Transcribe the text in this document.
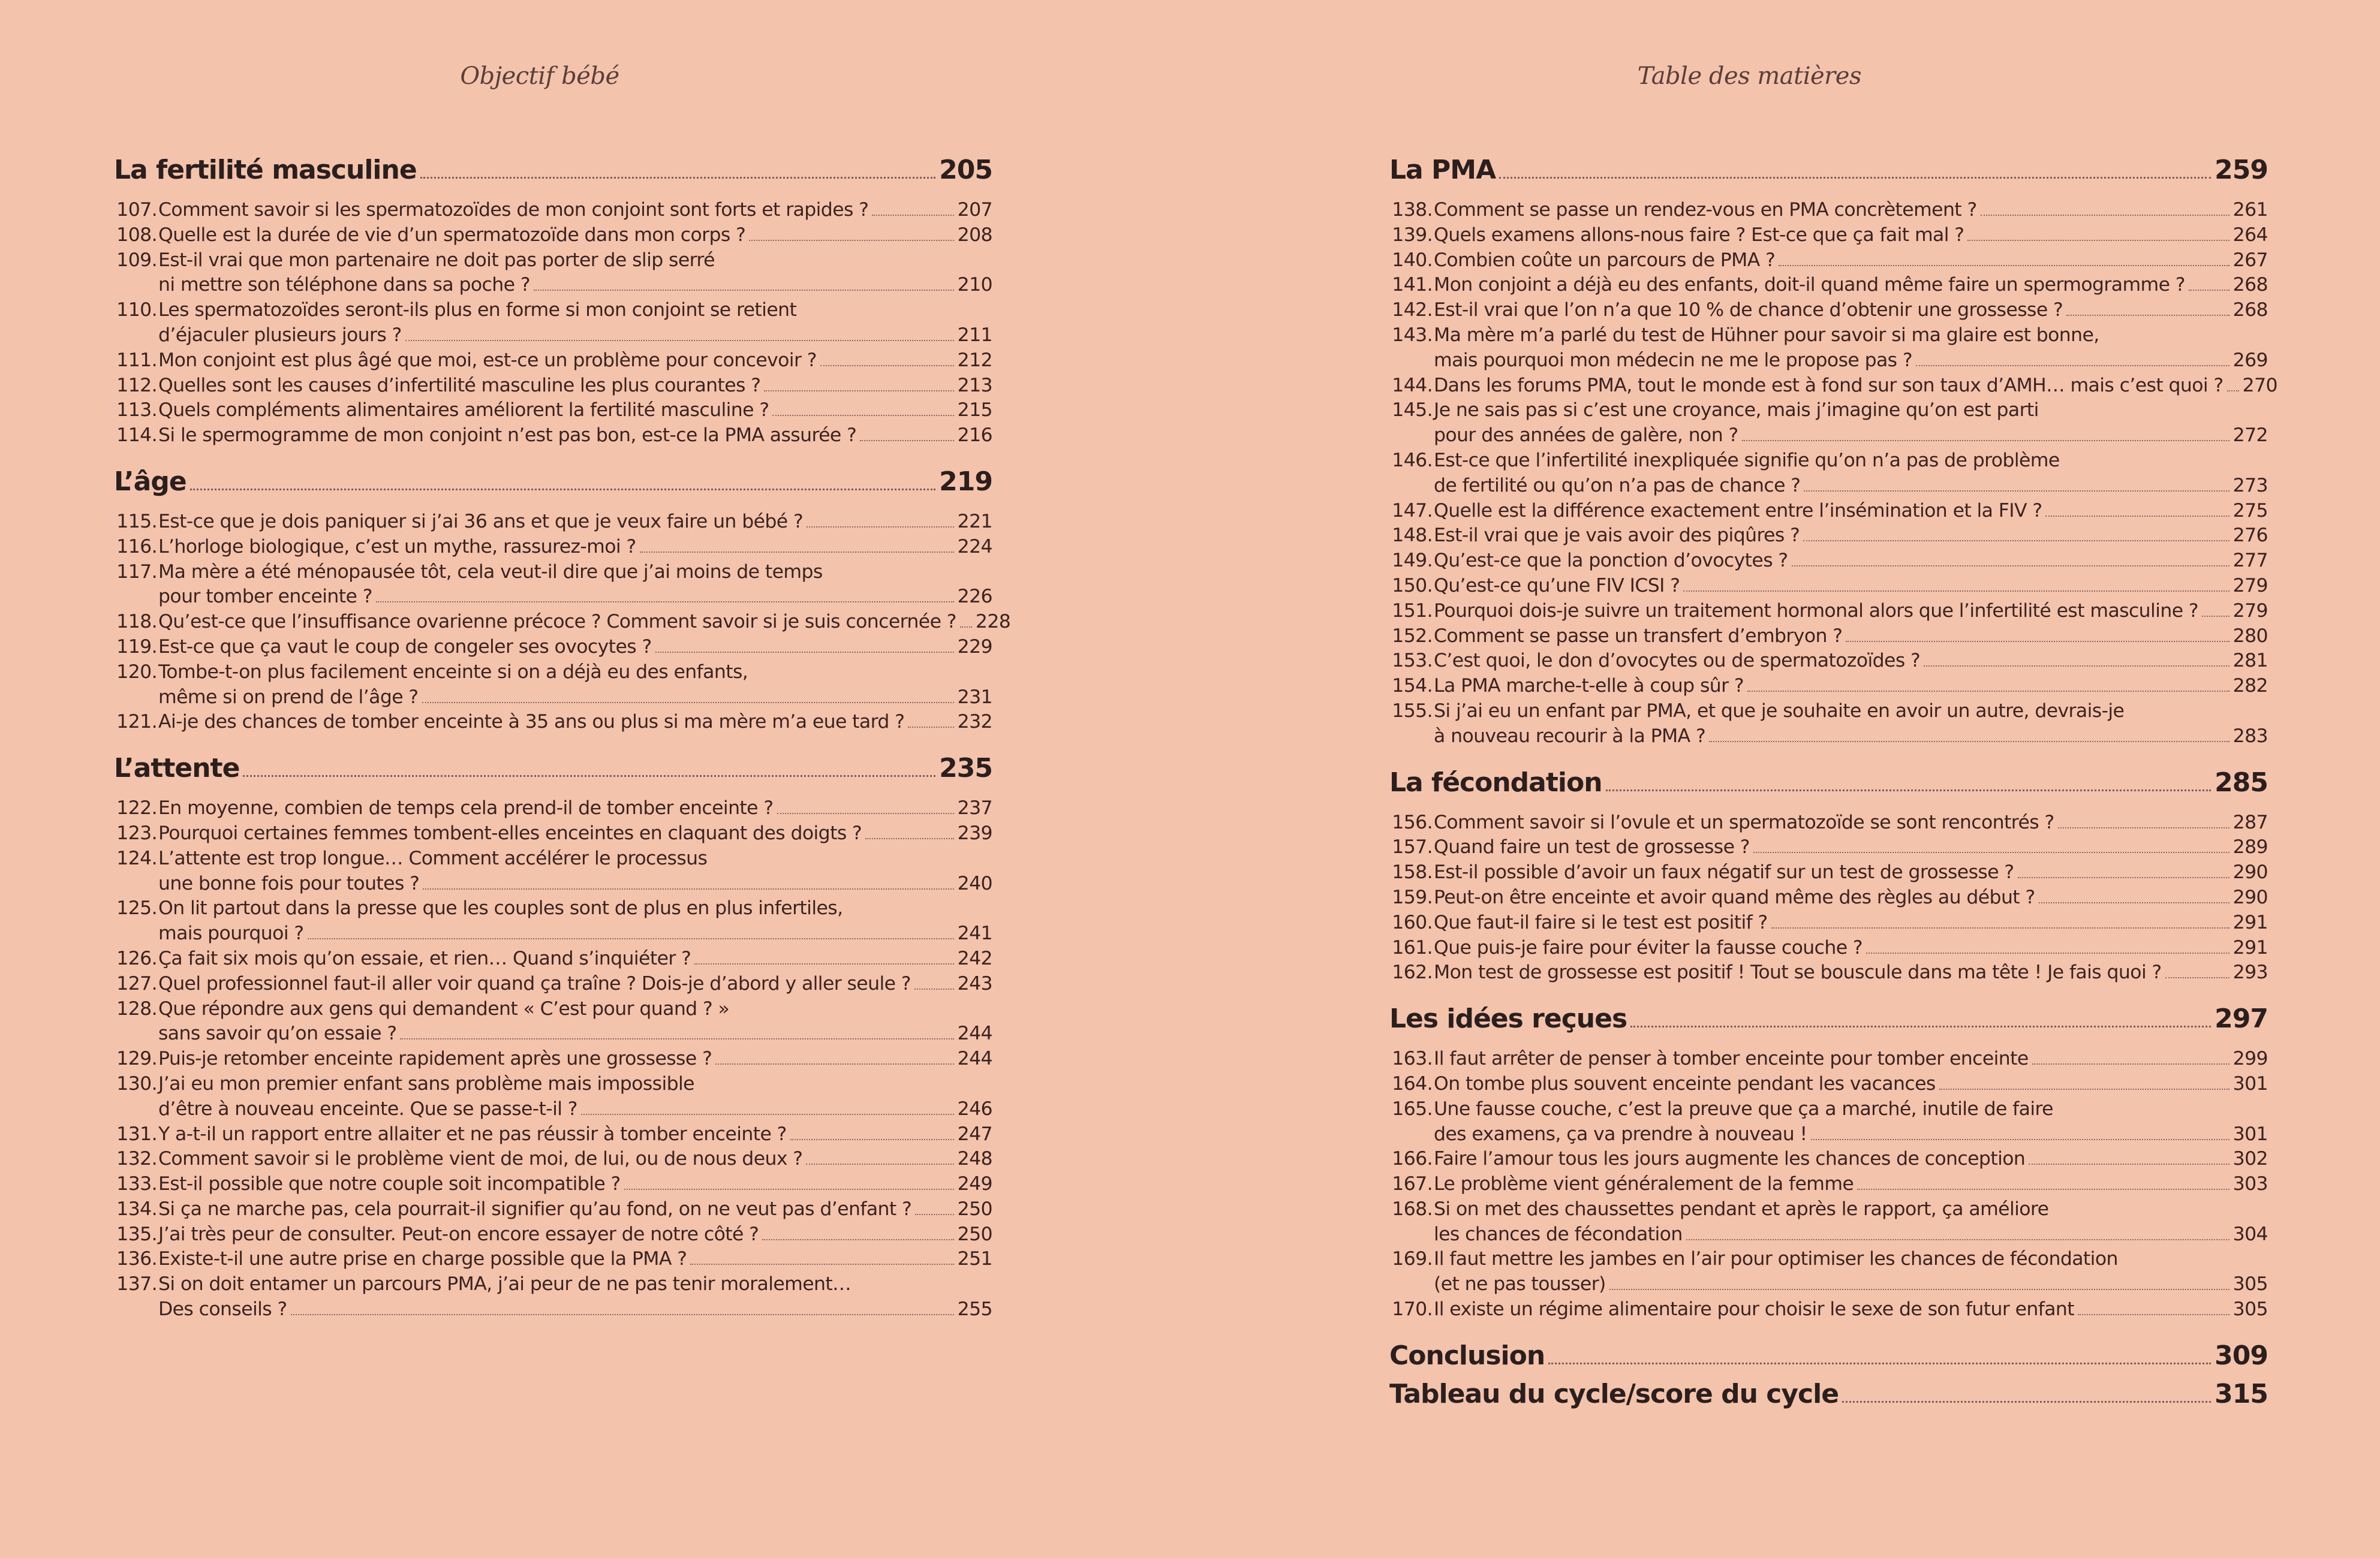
Objectif bébé
La fertilité masculine	205
107. Comment savoir si les spermatozoïdes de mon conjoint sont forts et rapides ?	207
108. Quelle est la durée de vie d’un spermatozoïde dans mon corps ?	208
109. Est-il vrai que mon partenaire ne doit pas porter de slip serré
ni mettre son téléphone dans sa poche ?	210
110. Les spermatozoïdes seront-ils plus en forme si mon conjoint se retient
d’éjaculer plusieurs jours ?	211
111. Mon conjoint est plus âgé que moi, est-ce un problème pour concevoir ?	212
112. Quelles sont les causes d’infertilité masculine les plus courantes ?	213
113. Quels compléments alimentaires améliorent la fertilité masculine ?	215
114. Si le spermogramme de mon conjoint n’est pas bon, est-ce la PMA assurée ?	216
L’âge	219
115. Est-ce que je dois paniquer si j’ai 36 ans et que je veux faire un bébé ?	221
116. L’horloge biologique, c’est un mythe, rassurez-moi ?	224
117. Ma mère a été ménopausée tôt, cela veut-il dire que j’ai moins de temps
pour tomber enceinte ?	226
118. Qu’est-ce que l’insuffisance ovarienne précoce ? Comment savoir si je suis concernée ? 228
119. Est-ce que ça vaut le coup de congeler ses ovocytes ?	229
120. Tombe-t-on plus facilement enceinte si on a déjà eu des enfants,
même si on prend de l’âge ?	231
121. Ai-je des chances de tomber enceinte à 35 ans ou plus si ma mère m’a eue tard ?	232
L’attente	235
122. En moyenne, combien de temps cela prend-il de tomber enceinte ?	237
123. Pourquoi certaines femmes tombent-elles enceintes en claquant des doigts ?	239
124. L’attente est trop longue… Comment accélérer le processus
une bonne fois pour toutes ?	240
125. On lit partout dans la presse que les couples sont de plus en plus infertiles,
mais pourquoi ?	241
126. Ça fait six mois qu’on essaie, et rien… Quand s’inquiéter ?	242
127. Quel professionnel faut-il aller voir quand ça traîne ? Dois-je d’abord y aller seule ? 243
128. Que répondre aux gens qui demandent « C’est pour quand ? »
sans savoir qu’on essaie ?	244
129. Puis-je retomber enceinte rapidement après une grossesse ?	244
130. J’ai eu mon premier enfant sans problème mais impossible
d’être à nouveau enceinte. Que se passe-t-il ?	246
131. Y a-t-il un rapport entre allaiter et ne pas réussir à tomber enceinte ?	247
132. Comment savoir si le problème vient de moi, de lui, ou de nous deux ?	248
133. Est-il possible que notre couple soit incompatible ?	249
134. Si ça ne marche pas, cela pourrait-il signifier qu’au fond, on ne veut pas d’enfant ? 250
135. J’ai très peur de consulter. Peut-on encore essayer de notre côté ?	250
136. Existe-t-il une autre prise en charge possible que la PMA ?	251
137. Si on doit entamer un parcours PMA, j’ai peur de ne pas tenir moralement…
Des conseils ?	255
Table des matières
La PMA	259
138. Comment se passe un rendez-vous en PMA concrètement ?	261
139. Quels examens allons-nous faire ? Est-ce que ça fait mal ?	264
140. Combien coûte un parcours de PMA ?	267
141. Mon conjoint a déjà eu des enfants, doit-il quand même faire un spermogramme ?	268
142. Est-il vrai que l’on n’a que 10 % de chance d’obtenir une grossesse ?	268
143. Ma mère m’a parlé du test de Hühner pour savoir si ma glaire est bonne,
mais pourquoi mon médecin ne me le propose pas ?	269
144. Dans les forums PMA, tout le monde est à fond sur son taux d’AMH… mais c’est quoi ? 270
145. Je ne sais pas si c’est une croyance, mais j’imagine qu’on est parti
pour des années de galère, non ?	272
146. Est-ce que l’infertilité inexpliquée signifie qu’on n’a pas de problème
de fertilité ou qu’on n’a pas de chance ?	273
147. Quelle est la différence exactement entre l’insémination et la FIV ?	275
148. Est-il vrai que je vais avoir des piqûres ?	276
149. Qu’est-ce que la ponction d’ovocytes ?	277
150. Qu’est-ce qu’une FIV ICSI ?	279
151. Pourquoi dois-je suivre un traitement hormonal alors que l’infertilité est masculine ? 279
152. Comment se passe un transfert d’embryon ?	280
153. C’est quoi, le don d’ovocytes ou de spermatozoïdes ?	281
154. La PMA marche-t-elle à coup sûr ?	282
155. Si j’ai eu un enfant par PMA, et que je souhaite en avoir un autre, devrais-je
à nouveau recourir à la PMA ?	283
La fécondation	285
156. Comment savoir si l’ovule et un spermatozoïde se sont rencontrés ?	287
157. Quand faire un test de grossesse ?	289
158. Est-il possible d’avoir un faux négatif sur un test de grossesse ?	290
159. Peut-on être enceinte et avoir quand même des règles au début ?	290
160. Que faut-il faire si le test est positif ?	291
161. Que puis-je faire pour éviter la fausse couche ?	291
162. Mon test de grossesse est positif ! Tout se bouscule dans ma tête ! Je fais quoi ?	293
Les idées reçues	297
163. Il faut arrêter de penser à tomber enceinte pour tomber enceinte	299
164. On tombe plus souvent enceinte pendant les vacances	301
165. Une fausse couche, c’est la preuve que ça a marché, inutile de faire
des examens, ça va prendre à nouveau !	301
166. Faire l’amour tous les jours augmente les chances de conception	302
167. Le problème vient généralement de la femme	303
168. Si on met des chaussettes pendant et après le rapport, ça améliore
les chances de fécondation	304
169. Il faut mettre les jambes en l’air pour optimiser les chances de fécondation
(et ne pas tousser)	305
170. Il existe un régime alimentaire pour choisir le sexe de son futur enfant	305
Conclusion	309
Tableau du cycle/score du cycle	315
